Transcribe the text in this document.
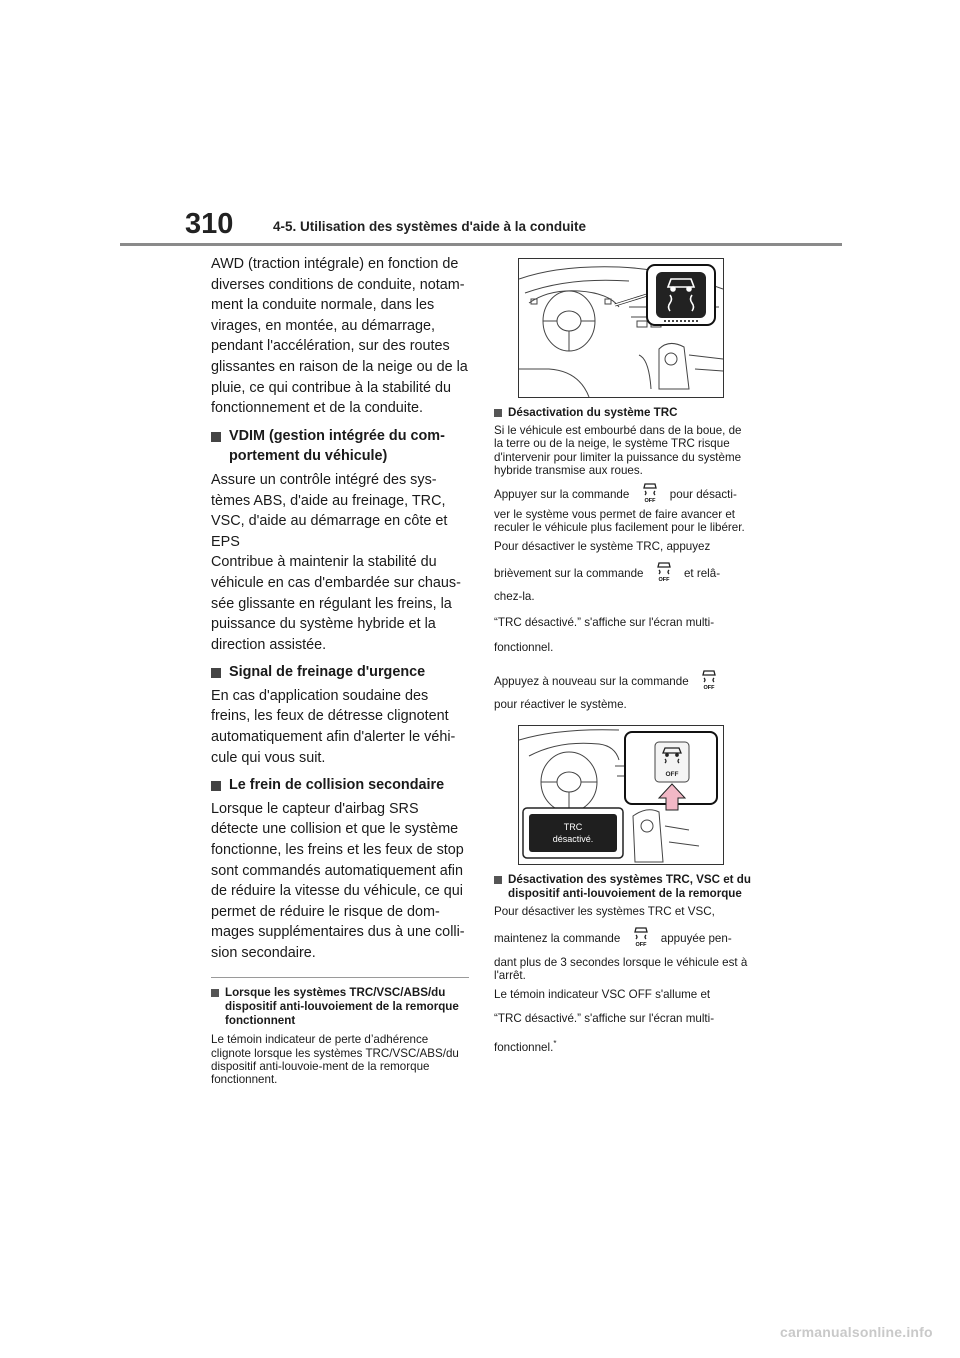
310	4-5. Utilisation des systèmes d'aide à la conduite

AWD (traction intégrale) en fonction de diverses conditions de conduite, notam-ment la conduite normale, dans les virages, en montée, au démarrage, pendant l'accélération, sur des routes glissantes en raison de la neige ou de la pluie, ce qui contribue à la stabilité du fonctionnement et de la conduite.

VDIM (gestion intégrée du com-portement du véhicule)

Assure un contrôle intégré des sys-tèmes ABS, d'aide au freinage, TRC, VSC, d'aide au démarrage en côte et EPS

Contribue à maintenir la stabilité du véhicule en cas d'embardée sur chaus-sée glissante en régulant les freins, la puissance du système hybride et la direction assistée.

Signal de freinage d'urgence

En cas d'application soudaine des freins, les feux de détresse clignotent automatiquement afin d'alerter le véhi-cule qui vous suit.

Le frein de collision secondaire

Lorsque le capteur d'airbag SRS détecte une collision et que le système fonctionne, les freins et les feux de stop sont commandés automatiquement afin de réduire la vitesse du véhicule, ce qui permet de réduire le risque de dom-mages supplémentaires dus à une colli-sion secondaire.

Lorsque les systèmes TRC/VSC/ABS/du dispositif anti-louvoiement de la remorque fonctionnent

Le témoin indicateur de perte d’adhérence clignote lorsque les systèmes TRC/VSC/ABS/du dispositif anti-louvoie-ment de la remorque fonctionnent.

Désactivation du système TRC

Si le véhicule est embourbé dans de la boue, de la terre ou de la neige, le système TRC risque d'intervenir pour limiter la puissance du système hybride transmise aux roues.

Appuyer sur la commande
OFF
pour désacti-

ver le système vous permet de faire avancer et reculer le véhicule plus facilement pour le libérer.

Pour désactiver le système TRC, appuyez

brièvement sur la commande
OFF
et relâ-

chez-la.

“TRC désactivé.” s'affiche sur l'écran multi-

fonctionnel.

Appuyez à nouveau sur la commande
OFF

pour réactiver le système.

OFF
TRC
désactivé.
Désactivation des systèmes TRC, VSC et du dispositif anti-louvoiement de la remorque

Pour désactiver les systèmes TRC et VSC,

maintenez la commande
OFF
appuyée pen-

dant plus de 3 secondes lorsque le véhicule est à l'arrêt.

Le témoin indicateur VSC OFF s'allume et

“TRC désactivé.” s'affiche sur l'écran multi-

fonctionnel.*

carmanualsonline.info
